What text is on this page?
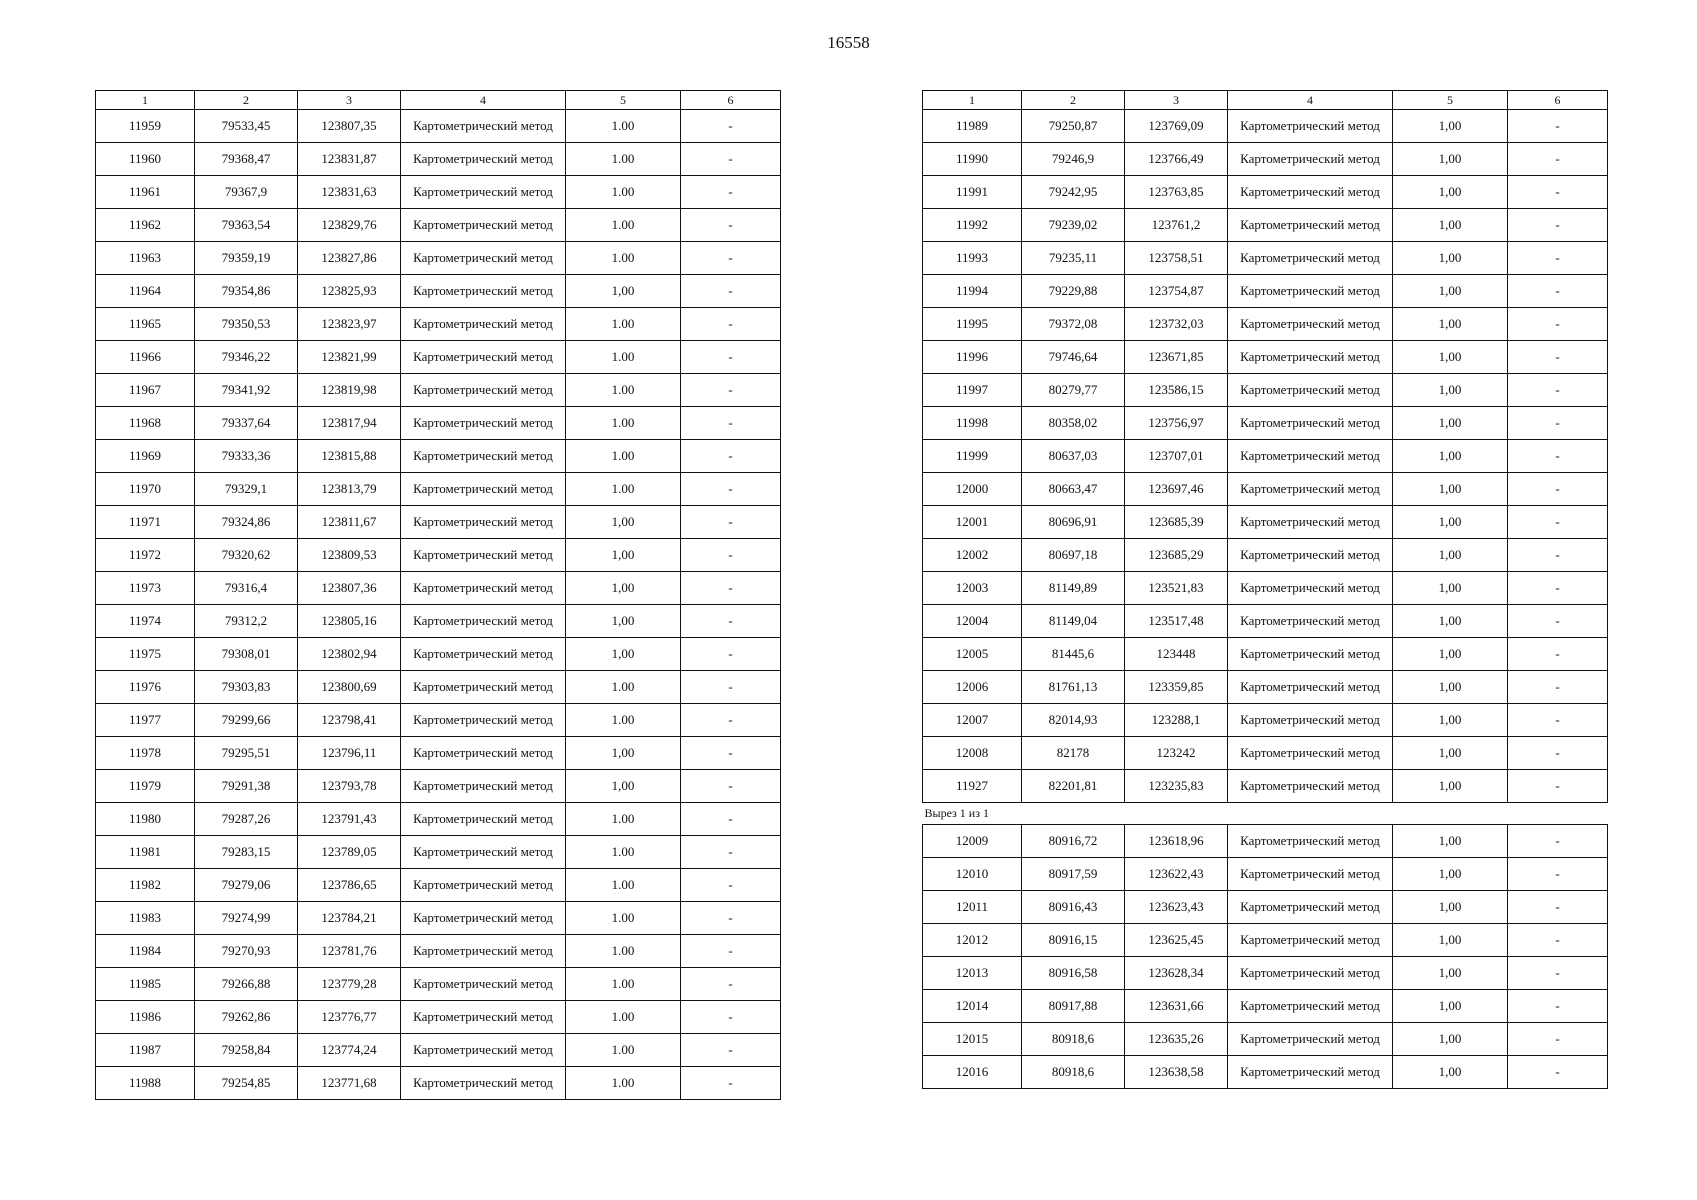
16558
1	2	3	4	5	6
11959	79533,45	123807,35	Картометрический метод	1.00	-
11960	79368,47	123831,87	Картометрический метод	1.00	-
11961	79367,9	123831,63	Картометрический метод	1.00	-
11962	79363,54	123829,76	Картометрический метод	1.00	-
11963	79359,19	123827,86	Картометрический метод	1.00	-
11964	79354,86	123825,93	Картометрический метод	1,00	-
11965	79350,53	123823,97	Картометрический метод	1.00	-
11966	79346,22	123821,99	Картометрический метод	1.00	-
11967	79341,92	123819,98	Картометрический метод	1.00	-
11968	79337,64	123817,94	Картометрический метод	1.00	-
11969	79333,36	123815,88	Картометрический метод	1.00	-
11970	79329,1	123813,79	Картометрический метод	1.00	-
11971	79324,86	123811,67	Картометрический метод	1,00	-
11972	79320,62	123809,53	Картометрический метод	1,00	-
11973	79316,4	123807,36	Картометрический метод	1,00	-
11974	79312,2	123805,16	Картометрический метод	1,00	-
11975	79308,01	123802,94	Картометрический метод	1,00	-
11976	79303,83	123800,69	Картометрический метод	1.00	-
11977	79299,66	123798,41	Картометрический метод	1.00	-
11978	79295,51	123796,11	Картометрический метод	1,00	-
11979	79291,38	123793,78	Картометрический метод	1,00	-
11980	79287,26	123791,43	Картометрический метод	1.00	-
11981	79283,15	123789,05	Картометрический метод	1.00	-
11982	79279,06	123786,65	Картометрический метод	1.00	-
11983	79274,99	123784,21	Картометрический метод	1.00	-
11984	79270,93	123781,76	Картометрический метод	1.00	-
11985	79266,88	123779,28	Картометрический метод	1.00	-
11986	79262,86	123776,77	Картометрический метод	1.00	-
11987	79258,84	123774,24	Картометрический метод	1.00	-
11988	79254,85	123771,68	Картометрический метод	1.00	-
1	2	3	4	5	6
11989	79250,87	123769,09	Картометрический метод	1,00	-
11990	79246,9	123766,49	Картометрический метод	1,00	-
11991	79242,95	123763,85	Картометрический метод	1,00	-
11992	79239,02	123761,2	Картометрический метод	1,00	-
11993	79235,11	123758,51	Картометрический метод	1,00	-
11994	79229,88	123754,87	Картометрический метод	1,00	-
11995	79372,08	123732,03	Картометрический метод	1,00	-
11996	79746,64	123671,85	Картометрический метод	1,00	-
11997	80279,77	123586,15	Картометрический метод	1,00	-
11998	80358,02	123756,97	Картометрический метод	1,00	-
11999	80637,03	123707,01	Картометрический метод	1,00	-
12000	80663,47	123697,46	Картометрический метод	1,00	-
12001	80696,91	123685,39	Картометрический метод	1,00	-
12002	80697,18	123685,29	Картометрический метод	1,00	-
12003	81149,89	123521,83	Картометрический метод	1,00	-
12004	81149,04	123517,48	Картометрический метод	1,00	-
12005	81445,6	123448	Картометрический метод	1,00	-
12006	81761,13	123359,85	Картометрический метод	1,00	-
12007	82014,93	123288,1	Картометрический метод	1,00	-
12008	82178	123242	Картометрический метод	1,00	-
11927	82201,81	123235,83	Картометрический метод	1,00	-
Вырез 1 из 1					
12009	80916,72	123618,96	Картометрический метод	1,00	-
12010	80917,59	123622,43	Картометрический метод	1,00	-
12011	80916,43	123623,43	Картометрический метод	1,00	-
12012	80916,15	123625,45	Картометрический метод	1,00	-
12013	80916,58	123628,34	Картометрический метод	1,00	-
12014	80917,88	123631,66	Картометрический метод	1,00	-
12015	80918,6	123635,26	Картометрический метод	1,00	-
12016	80918,6	123638,58	Картометрический метод	1,00	-
